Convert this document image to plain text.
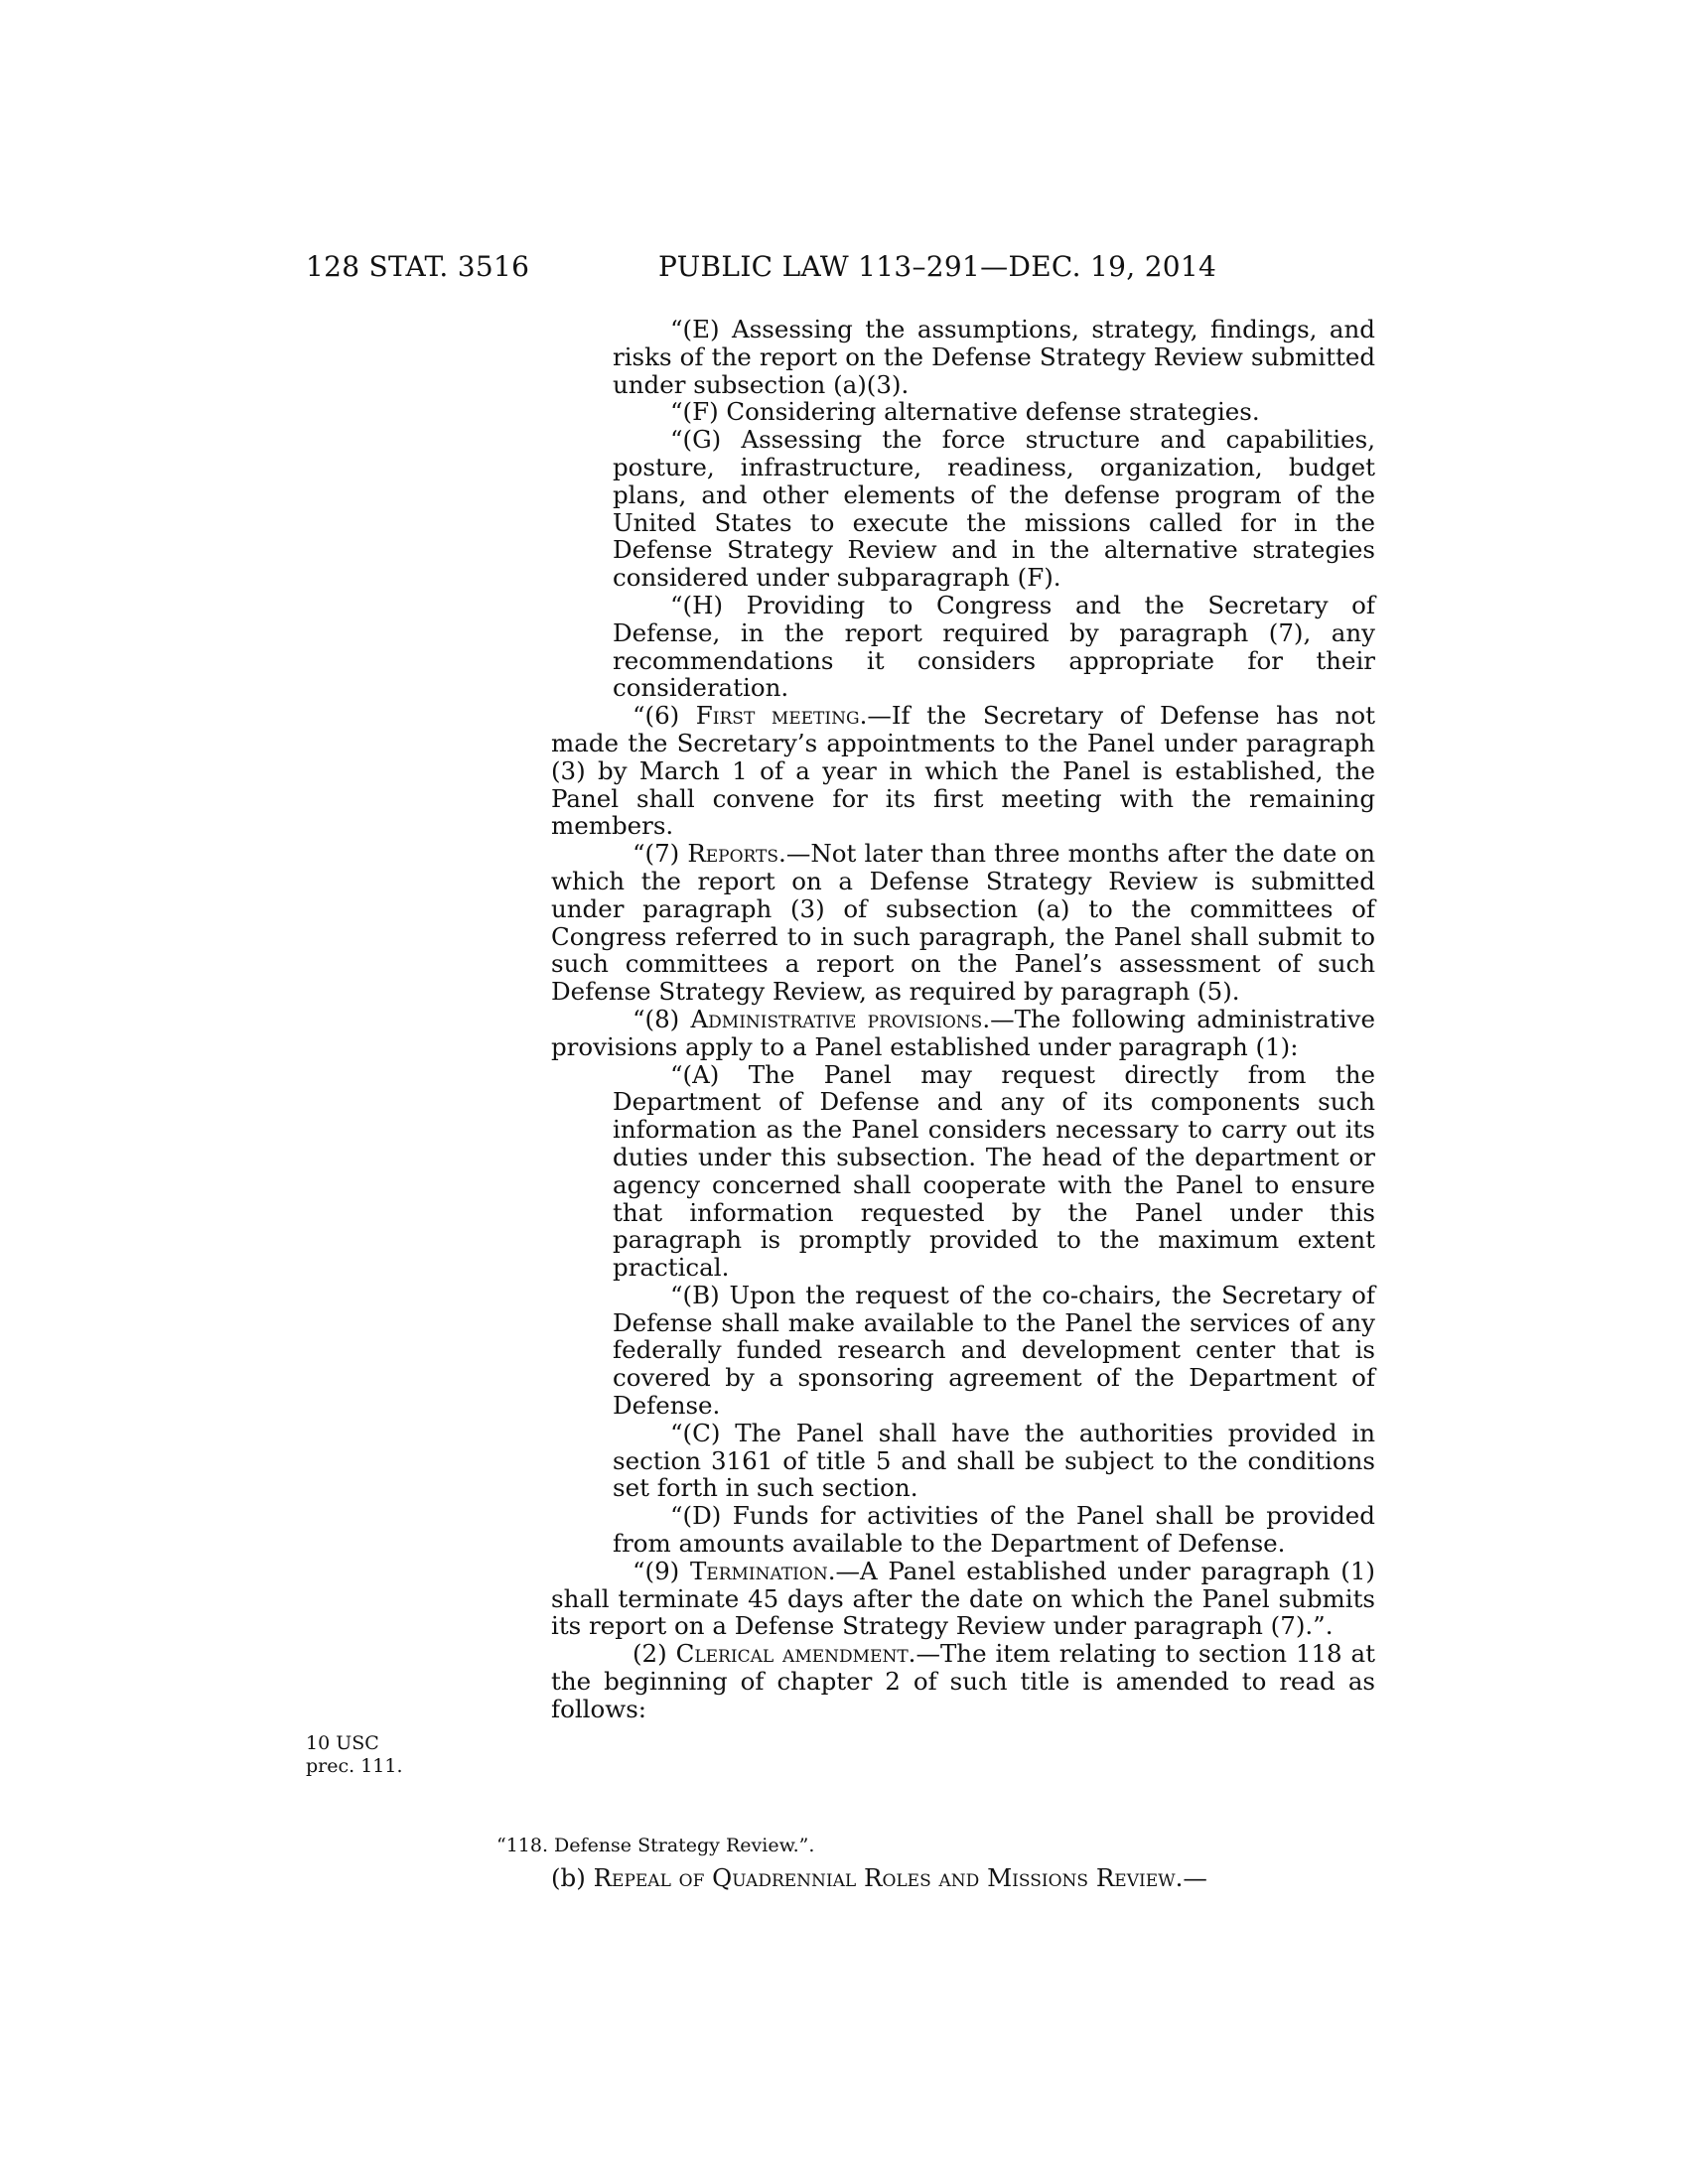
128 STAT. 3516	PUBLIC LAW 113–291—DEC. 19, 2014

“(E) Assessing the assumptions, strategy, findings, and risks of the report on the Defense Strategy Review submitted under subsection (a)(3).

“(F) Considering alternative defense strategies.

“(G) Assessing the force structure and capabilities, posture, infrastructure, readiness, organization, budget plans, and other elements of the defense program of the United States to execute the missions called for in the Defense Strategy Review and in the alternative strategies considered under subparagraph (F).

“(H) Providing to Congress and the Secretary of Defense, in the report required by paragraph (7), any recommendations it considers appropriate for their consideration.

“(6) First meeting.—If the Secretary of Defense has not made the Secretary’s appointments to the Panel under paragraph (3) by March 1 of a year in which the Panel is established, the Panel shall convene for its first meeting with the remaining members.

“(7) Reports.—Not later than three months after the date on which the report on a Defense Strategy Review is submitted under paragraph (3) of subsection (a) to the committees of Congress referred to in such paragraph, the Panel shall submit to such committees a report on the Panel’s assessment of such Defense Strategy Review, as required by paragraph (5).

“(8) Administrative provisions.—The following administrative provisions apply to a Panel established under paragraph (1):

“(A) The Panel may request directly from the Department of Defense and any of its components such information as the Panel considers necessary to carry out its duties under this subsection. The head of the department or agency concerned shall cooperate with the Panel to ensure that information requested by the Panel under this paragraph is promptly provided to the maximum extent practical.

“(B) Upon the request of the co-chairs, the Secretary of Defense shall make available to the Panel the services of any federally funded research and development center that is covered by a sponsoring agreement of the Department of Defense.

“(C) The Panel shall have the authorities provided in section 3161 of title 5 and shall be subject to the conditions set forth in such section.

“(D) Funds for activities of the Panel shall be provided from amounts available to the Department of Defense.

“(9) Termination.—A Panel established under paragraph (1) shall terminate 45 days after the date on which the Panel submits its report on a Defense Strategy Review under paragraph (7).”.

(2) Clerical amendment.—The item relating to section 118 at the beginning of chapter 2 of such title is amended to read as follows:

10 USC
prec. 111.
“118. Defense Strategy Review.”.
(b) Repeal of Quadrennial Roles and Missions Review.—
